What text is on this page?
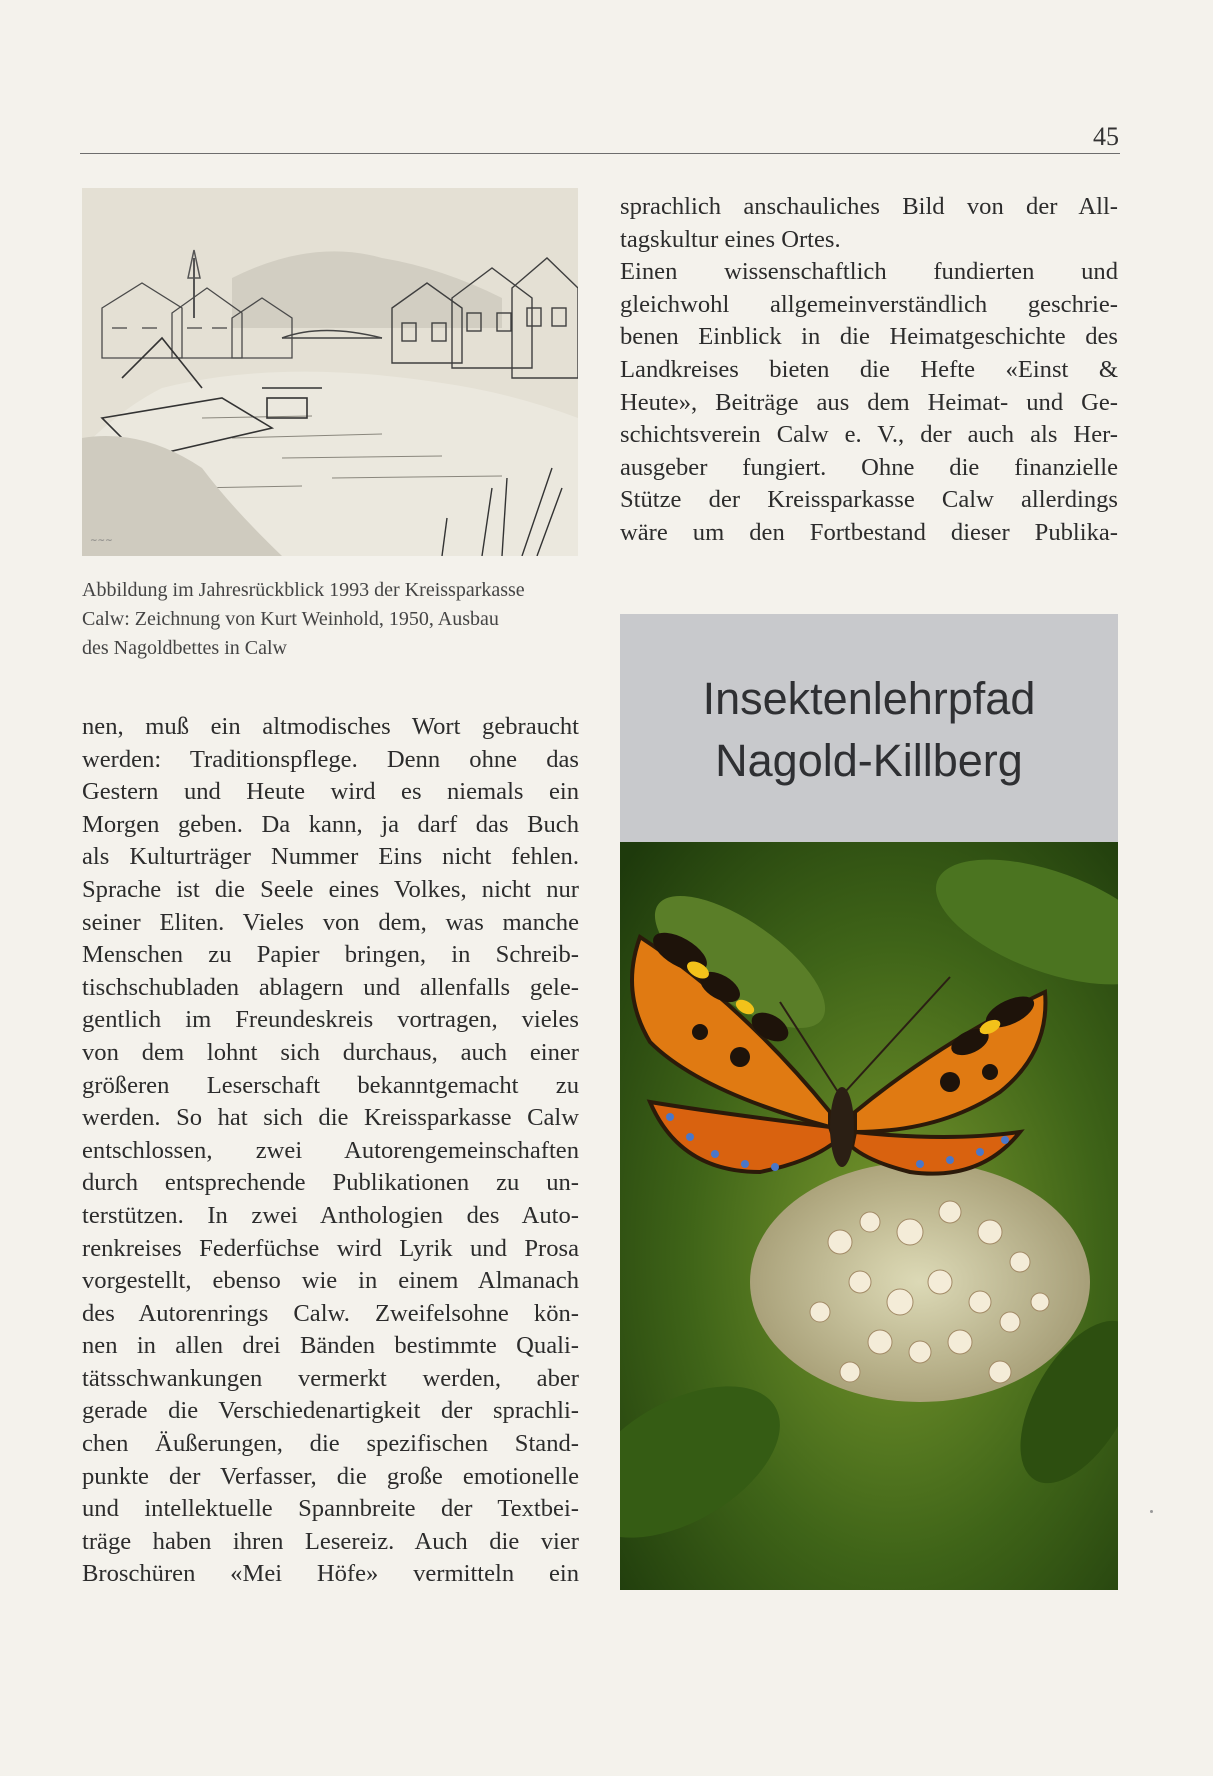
45
~~~

Abbildung im Jahresrückblick 1993 der Kreissparkasse

Calw: Zeichnung von Kurt Weinhold, 1950, Ausbau

des Nagoldbettes in Calw

sprachlich anschauliches Bild von der All-
tagskultur eines Ortes.
Einen wissenschaftlich fundierten und
gleichwohl allgemeinverständlich geschrie-
benen Einblick in die Heimatgeschichte des
Landkreises bieten die Hefte «Einst &
Heute», Beiträge aus dem Heimat- und Ge-
schichtsverein Calw e. V., der auch als Her-
ausgeber fungiert. Ohne die finanzielle
Stütze der Kreissparkasse Calw allerdings
wäre um den Fortbestand dieser Publika-
nen, muß ein altmodisches Wort gebraucht
werden: Traditionspflege. Denn ohne das
Gestern und Heute wird es niemals ein
Morgen geben. Da kann, ja darf das Buch
als Kulturträger Nummer Eins nicht fehlen.
Sprache ist die Seele eines Volkes, nicht nur
seiner Eliten. Vieles von dem, was manche
Menschen zu Papier bringen, in Schreib-
tischschubladen ablagern und allenfalls gele-
gentlich im Freundeskreis vortragen, vieles
von dem lohnt sich durchaus, auch einer
größeren Leserschaft bekanntgemacht zu
werden. So hat sich die Kreissparkasse Calw
entschlossen, zwei Autorengemeinschaften
durch entsprechende Publikationen zu un-
terstützen. In zwei Anthologien des Auto-
renkreises Federfüchse wird Lyrik und Prosa
vorgestellt, ebenso wie in einem Almanach
des Autorenrings Calw. Zweifelsohne kön-
nen in allen drei Bänden bestimmte Quali-
tätsschwankungen vermerkt werden, aber
gerade die Verschiedenartigkeit der sprachli-
chen Äußerungen, die spezifischen Stand-
punkte der Verfasser, die große emotionelle
und intellektuelle Spannbreite der Textbei-
träge haben ihren Lesereiz. Auch die vier
Broschüren «Mei Höfe» vermitteln ein
Insektenlehrpfad
Nagold-Killberg
